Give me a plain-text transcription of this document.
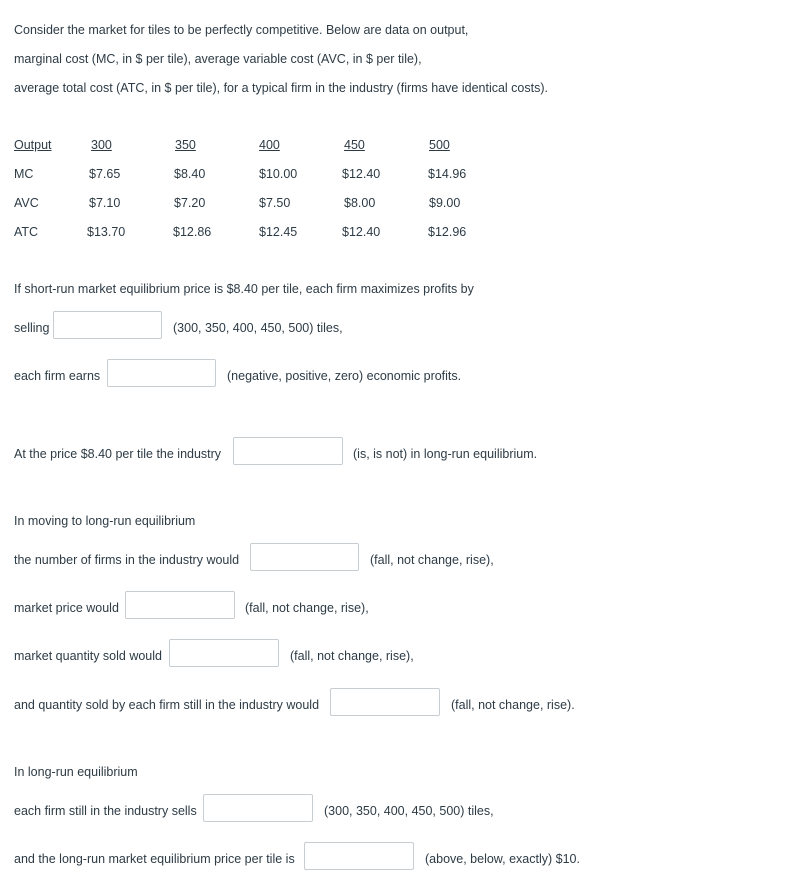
Consider the market for tiles to be perfectly competitive. Below are data on output,
marginal cost (MC, in $ per tile), average variable cost (AVC, in $ per tile),
average total cost (ATC, in $ per tile), for a typical firm in the industry (firms have identical costs).
Output	300	350	400	450	500
MC	$7.65	$8.40	$10.00	$12.40	$14.96
AVC	$7.10	$7.20	$7.50	$8.00	$9.00
ATC	$13.70	$12.86	$12.45	$12.40	$12.96
If short-run market equilibrium price is $8.40 per tile, each firm maximizes profits by
selling	(300, 350, 400, 450, 500) tiles,
each firm earns	(negative, positive, zero) economic profits.
At the price $8.40 per tile the industry	(is, is not) in long-run equilibrium.
In moving to long-run equilibrium
the number of firms in the industry would	(fall, not change, rise),
market price would	(fall, not change, rise),
market quantity sold would	(fall, not change, rise),
and quantity sold by each firm still in the industry would	(fall, not change, rise).
In long-run equilibrium
each firm still in the industry sells	(300, 350, 400, 450, 500) tiles,
and the long-run market equilibrium price per tile is	(above, below, exactly) $10.
